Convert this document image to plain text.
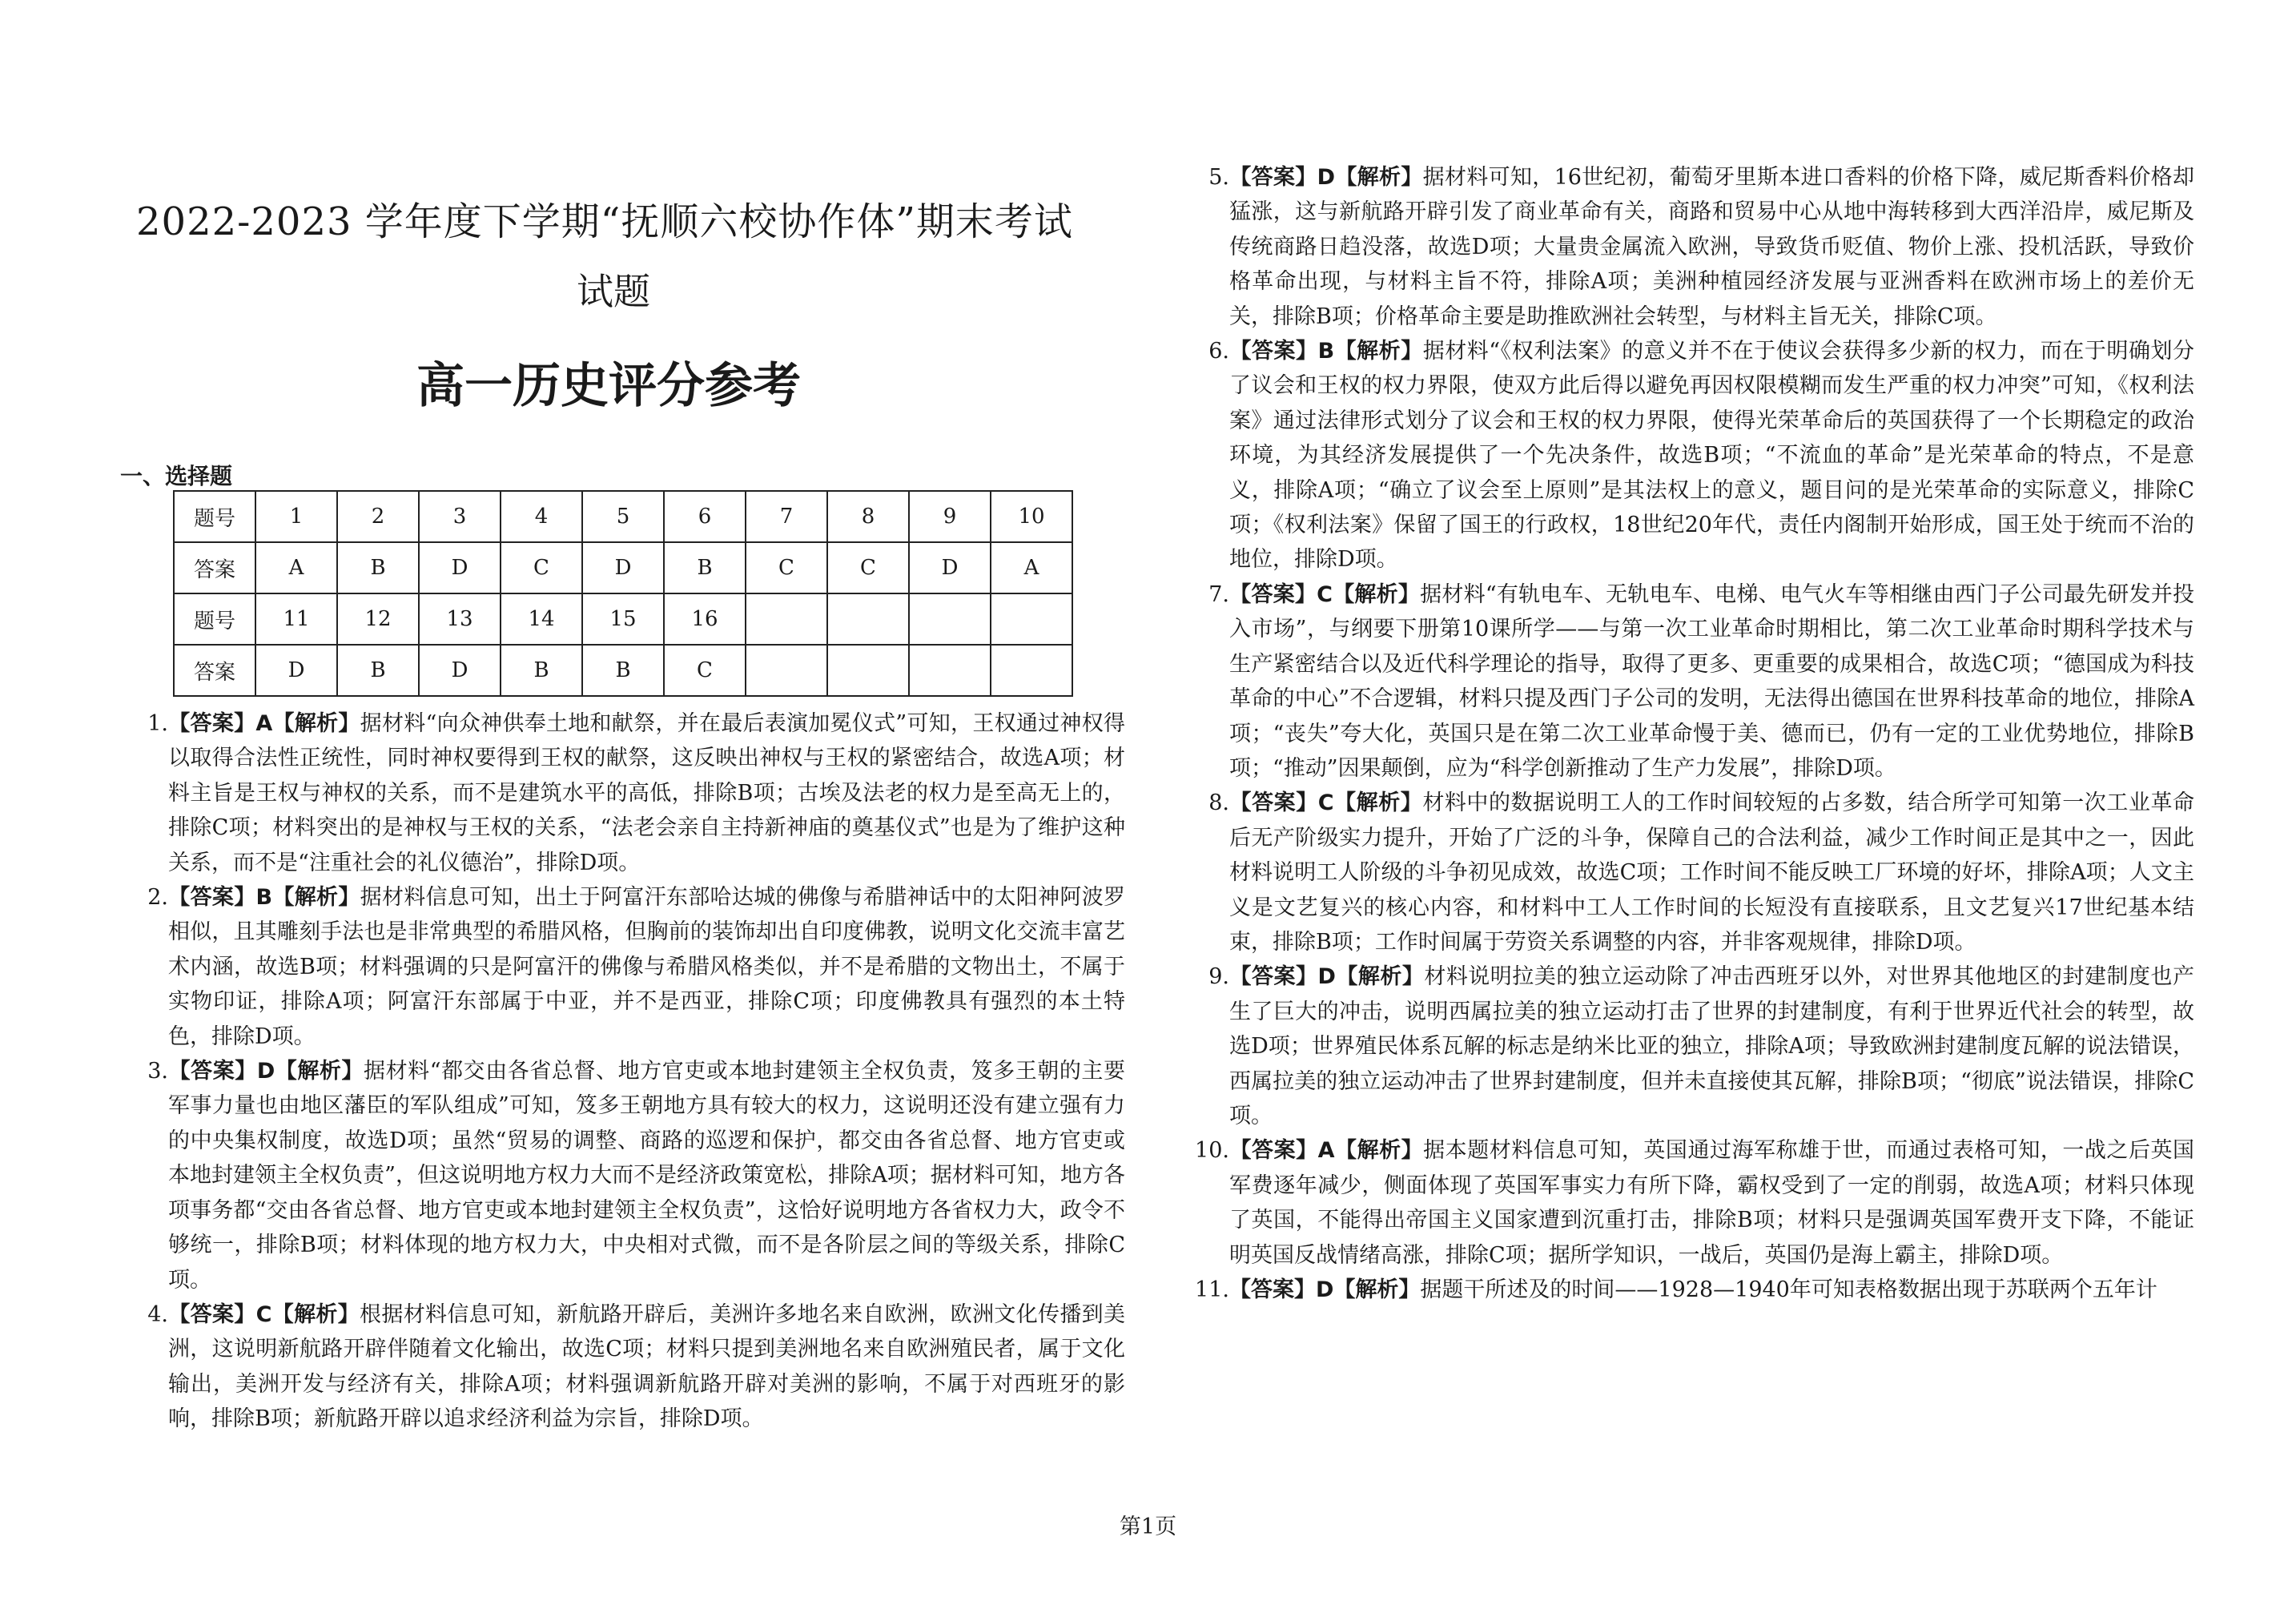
2022-2023 学年度下学期“抚顺六校协作体”期末考试
试题
高一历史评分参考
一、选择题
题号	1	2	3	4	5	6	7	8	9	10
答案	A	B	D	C	D	B	C	C	D	A
题号	11	12	13	14	15	16				
答案	D	B	D	B	B	C				
1.【答案】A【解析】据材料“向众神供奉土地和献祭，并在最后表演加冕仪式”可知，王权通过神权得以取得合法性正统性，同时神权要得到王权的献祭，这反映出神权与王权的紧密结合，故选A项；材料主旨是王权与神权的关系，而不是建筑水平的高低，排除B项；古埃及法老的权力是至高无上的，排除C项；材料突出的是神权与王权的关系，“法老会亲自主持新神庙的奠基仪式”也是为了维护这种关系，而不是“注重社会的礼仪德治”，排除D项。
2.【答案】B【解析】据材料信息可知，出土于阿富汗东部哈达城的佛像与希腊神话中的太阳神阿波罗相似，且其雕刻手法也是非常典型的希腊风格，但胸前的装饰却出自印度佛教，说明文化交流丰富艺术内涵，故选B项；材料强调的只是阿富汗的佛像与希腊风格类似，并不是希腊的文物出土，不属于实物印证，排除A项；阿富汗东部属于中亚，并不是西亚，排除C项；印度佛教具有强烈的本土特色，排除D项。
3.【答案】D【解析】据材料“都交由各省总督、地方官吏或本地封建领主全权负责，笈多王朝的主要军事力量也由地区藩臣的军队组成”可知，笈多王朝地方具有较大的权力，这说明还没有建立强有力的中央集权制度，故选D项；虽然“贸易的调整、商路的巡逻和保护，都交由各省总督、地方官吏或本地封建领主全权负责”，但这说明地方权力大而不是经济政策宽松，排除A项；据材料可知，地方各项事务都“交由各省总督、地方官吏或本地封建领主全权负责”，这恰好说明地方各省权力大，政令不够统一，排除B项；材料体现的地方权力大，中央相对式微，而不是各阶层之间的等级关系，排除C项。
4.【答案】C【解析】根据材料信息可知，新航路开辟后，美洲许多地名来自欧洲，欧洲文化传播到美洲，这说明新航路开辟伴随着文化输出，故选C项；材料只提到美洲地名来自欧洲殖民者，属于文化输出，美洲开发与经济有关，排除A项；材料强调新航路开辟对美洲的影响，不属于对西班牙的影响，排除B项；新航路开辟以追求经济利益为宗旨，排除D项。
5.【答案】D【解析】据材料可知，16世纪初，葡萄牙里斯本进口香料的价格下降，威尼斯香料价格却猛涨，这与新航路开辟引发了商业革命有关，商路和贸易中心从地中海转移到大西洋沿岸，威尼斯及传统商路日趋没落，故选D项；大量贵金属流入欧洲，导致货币贬值、物价上涨、投机活跃，导致价格革命出现，与材料主旨不符，排除A项；美洲种植园经济发展与亚洲香料在欧洲市场上的差价无关，排除B项；价格革命主要是助推欧洲社会转型，与材料主旨无关，排除C项。
6.【答案】B【解析】据材料“《权利法案》的意义并不在于使议会获得多少新的权力，而在于明确划分了议会和王权的权力界限，使双方此后得以避免再因权限模糊而发生严重的权力冲突”可知，《权利法案》通过法律形式划分了议会和王权的权力界限，使得光荣革命后的英国获得了一个长期稳定的政治环境，为其经济发展提供了一个先决条件，故选B项；“不流血的革命”是光荣革命的特点，不是意义，排除A项；“确立了议会至上原则”是其法权上的意义，题目问的是光荣革命的实际意义，排除C项；《权利法案》保留了国王的行政权，18世纪20年代，责任内阁制开始形成，国王处于统而不治的地位，排除D项。
7.【答案】C【解析】据材料“有轨电车、无轨电车、电梯、电气火车等相继由西门子公司最先研发并投入市场”，与纲要下册第10课所学——与第一次工业革命时期相比，第二次工业革命时期科学技术与生产紧密结合以及近代科学理论的指导，取得了更多、更重要的成果相合，故选C项；“德国成为科技革命的中心”不合逻辑，材料只提及西门子公司的发明，无法得出德国在世界科技革命的地位，排除A项；“丧失”夸大化，英国只是在第二次工业革命慢于美、德而已，仍有一定的工业优势地位，排除B项；“推动”因果颠倒，应为“科学创新推动了生产力发展”，排除D项。
8.【答案】C【解析】材料中的数据说明工人的工作时间较短的占多数，结合所学可知第一次工业革命后无产阶级实力提升，开始了广泛的斗争，保障自己的合法利益，减少工作时间正是其中之一，因此材料说明工人阶级的斗争初见成效，故选C项；工作时间不能反映工厂环境的好坏，排除A项；人文主义是文艺复兴的核心内容，和材料中工人工作时间的长短没有直接联系，且文艺复兴17世纪基本结束，排除B项；工作时间属于劳资关系调整的内容，并非客观规律，排除D项。
9.【答案】D【解析】材料说明拉美的独立运动除了冲击西班牙以外，对世界其他地区的封建制度也产生了巨大的冲击，说明西属拉美的独立运动打击了世界的封建制度，有利于世界近代社会的转型，故选D项；世界殖民体系瓦解的标志是纳米比亚的独立，排除A项；导致欧洲封建制度瓦解的说法错误，西属拉美的独立运动冲击了世界封建制度，但并未直接使其瓦解，排除B项；“彻底”说法错误，排除C项。
10.【答案】A【解析】据本题材料信息可知，英国通过海军称雄于世，而通过表格可知，一战之后英国军费逐年减少，侧面体现了英国军事实力有所下降，霸权受到了一定的削弱，故选A项；材料只体现了英国，不能得出帝国主义国家遭到沉重打击，排除B项；材料只是强调英国军费开支下降，不能证明英国反战情绪高涨，排除C项；据所学知识，一战后，英国仍是海上霸主，排除D项。
11.【答案】D【解析】据题干所述及的时间——1928—1940年可知表格数据出现于苏联两个五年计
第1页
